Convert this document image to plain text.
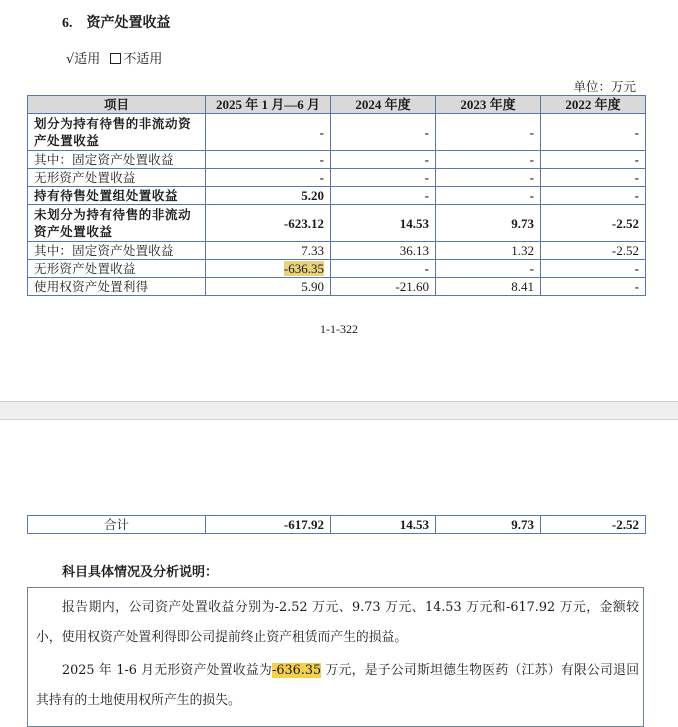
6. 资产处置收益
√适用 不适用
单位：万元
项目	2025 年 1 月—6 月	2024 年度	2023 年度	2022 年度
划分为持有待售的非流动资产处置收益	-	-	-	-
其中：固定资产处置收益	-	-	-	-
无形资产处置收益	-	-	-	-
持有待售处置组处置收益	5.20	-	-	-
未划分为持有待售的非流动资产处置收益	-623.12	14.53	9.73	-2.52
其中：固定资产处置收益	7.33	36.13	1.32	-2.52
无形资产处置收益	-636.35	-	-	-
使用权资产处置利得	5.90	-21.60	8.41	-
1-1-322
合计	-617.92	14.53	9.73	-2.52
科目具体情况及分析说明：

报告期内，公司资产处置收益分别为-2.52 万元、9.73 万元、14.53 万元和-617.92 万元，金额较小，使用权资产处置利得即公司提前终止资产租赁而产生的损益。

2025 年 1-6 月无形资产处置收益为-636.35 万元，是子公司斯坦德生物医药（江苏）有限公司退回其持有的土地使用权所产生的损失。
